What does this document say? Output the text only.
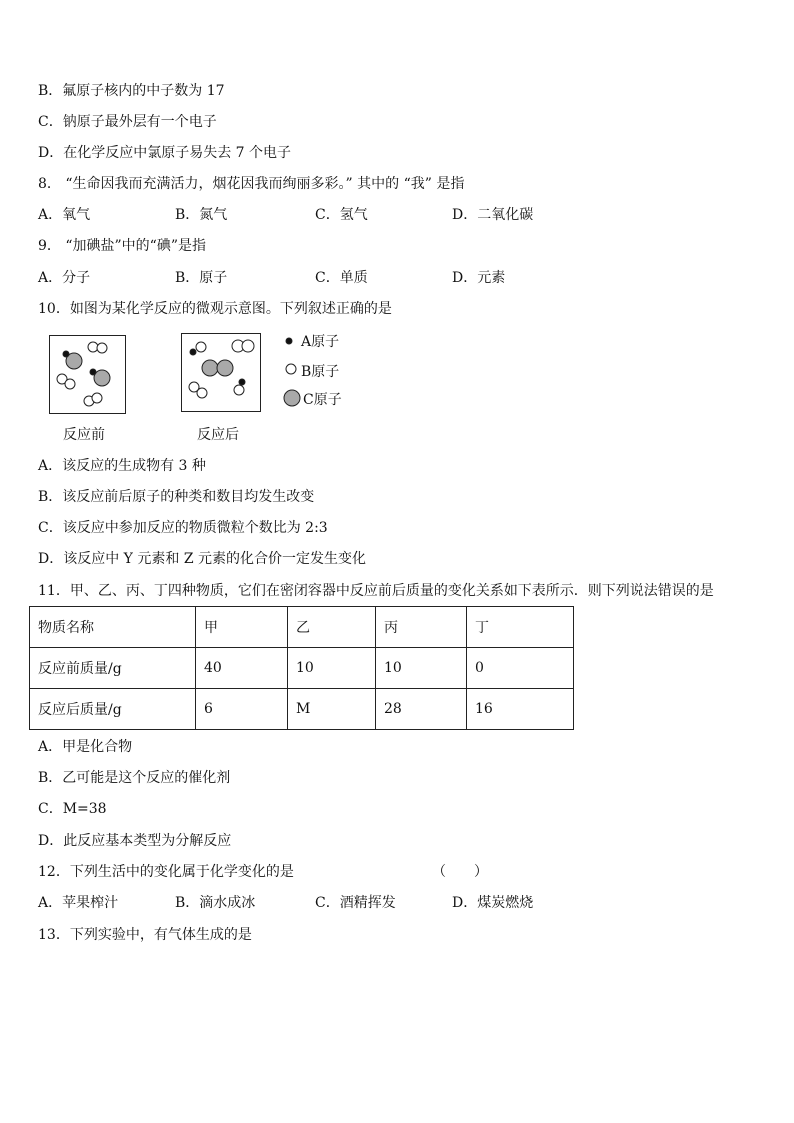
B．氟原子核内的中子数为 17
C．钠原子最外层有一个电子
D．在化学反应中氯原子易失去 7 个电子
8． “生命因我而充满活力，烟花因我而绚丽多彩。” 其中的 “我” 是指
A．氧气	B．氮气	C．氢气	D．二氧化碳
9． “加碘盐”中的“碘”是指
A．分子	B．原子	C．单质	D．元素
10．如图为某化学反应的微观示意图。下列叙述正确的是
A原子
B原子
C原子
反应前	反应后
A．该反应的生成物有 3 种
B．该反应前后原子的种类和数目均发生改变
C．该反应中参加反应的物质微粒个数比为 2:3
D．该反应中 Y 元素和 Z 元素的化合价一定发生变化
11．甲、乙、丙、丁四种物质，它们在密闭容器中反应前后质量的变化关系如下表所示．则下列说法错误的是
物质名称	甲	乙	丙	丁
反应前质量/g	40	10	10	0
反应后质量/g	6	M	28	16
A．甲是化合物
B．乙可能是这个反应的催化剂
C．M=38
D．此反应基本类型为分解反应
12．下列生活中的变化属于化学变化的是	（　　）
A．苹果榨汁	B．滴水成冰	C．酒精挥发	D．煤炭燃烧
13．下列实验中，有气体生成的是
